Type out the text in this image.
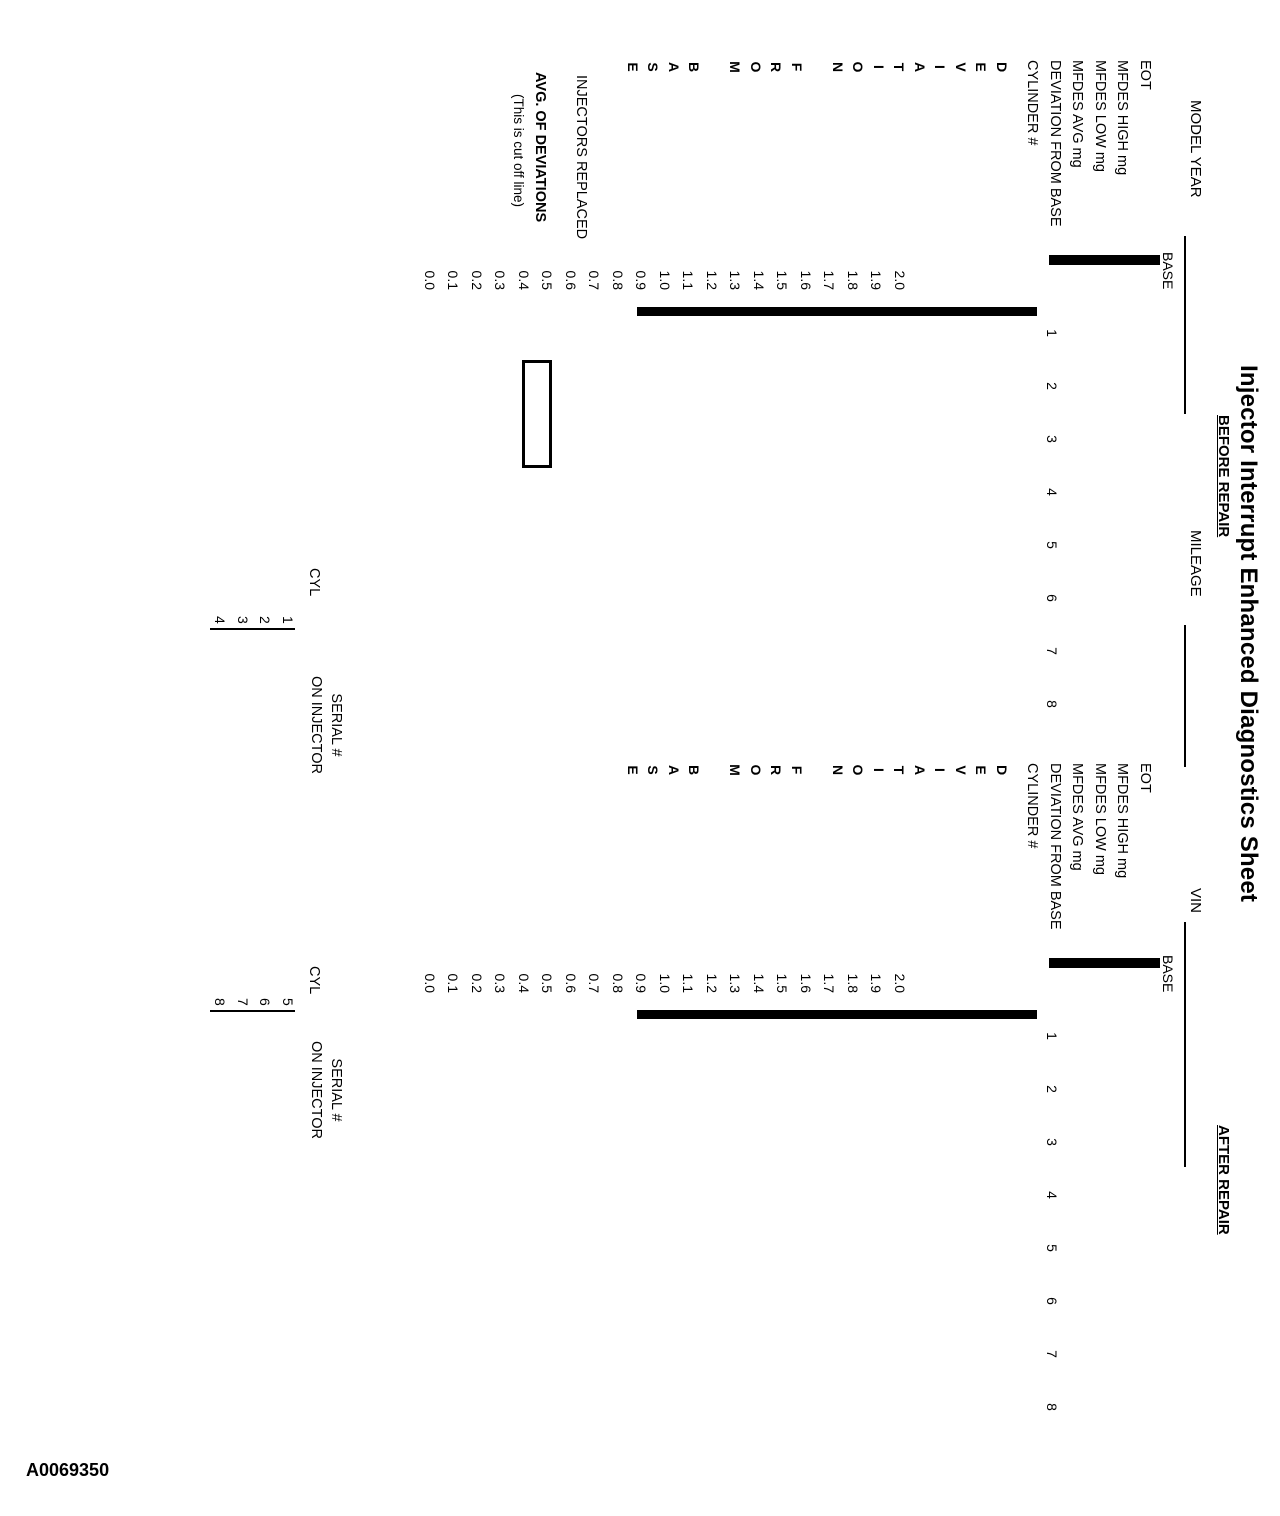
Injector Interrupt Enhanced Diagnostics Sheet
BEFORE REPAIR
AFTER REPAIR
MODEL YEAR
MILEAGE
VIN
BASE
EOT
MFDES HIGH mg
MFDES LOW mg
MFDES AVG mg
DEVIATION FROM BASE
CYLINDER #
D
E
V
I
A
T
I
O
N
F
R
O
M
B
A
S
E
2.0
1.9
1.8
1.7
1.6
1.5
1.4
1.3
1.2
1.1
1.0
0.9
0.8
0.7
0.6
0.5
0.4
0.3
0.2
0.1
0.0
1
2
3
4
5
6
7
8

INJECTORS REPLACED
AVG. OF DEVIATIONS
(This is cut off line)
CYL
SERIAL #
ON INJECTOR
1
2
3
4

BASE
EOT
MFDES HIGH mg
MFDES LOW mg
MFDES AVG mg
DEVIATION FROM BASE
CYLINDER #
D
E
V
I
A
T
I
O
N
F
R
O
M
B
A
S
E
2.0
1.9
1.8
1.7
1.6
1.5
1.4
1.3
1.2
1.1
1.0
0.9
0.8
0.7
0.6
0.5
0.4
0.3
0.2
0.1
0.0
1
2
3
4
5
6
7
8

CYL
SERIAL #
ON INJECTOR
5
6
7
8

A0069350
